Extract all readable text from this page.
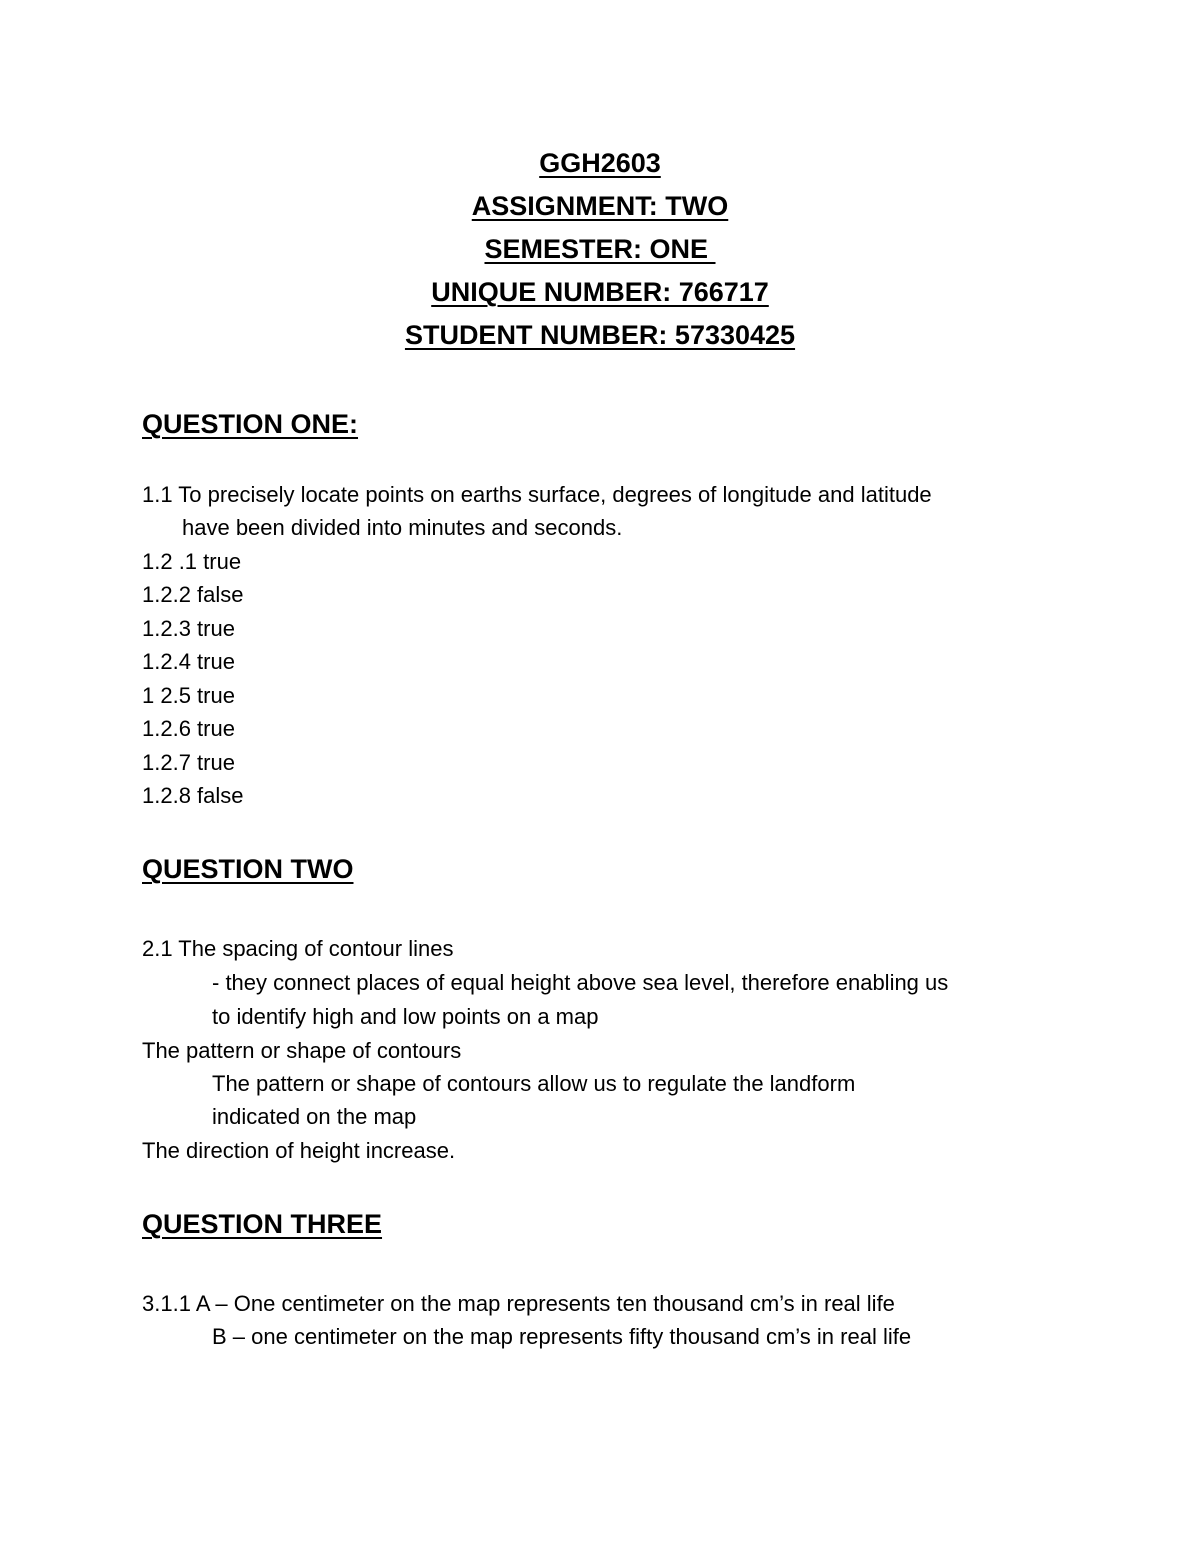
GGH2603
ASSIGNMENT: TWO
SEMESTER: ONE
UNIQUE NUMBER: 766717
STUDENT NUMBER: 57330425
QUESTION ONE:
1.1 To precisely locate points on earths surface, degrees of longitude and latitude
have been divided into minutes and seconds.
1.2 .1 true
1.2.2 false
1.2.3 true
1.2.4 true
1 2.5 true
1.2.6 true
1.2.7 true
1.2.8 false
QUESTION TWO
2.1 The spacing of contour lines
- they connect places of equal height above sea level, therefore enabling us
to identify high and low points on a map
The pattern or shape of contours
The pattern or shape of contours allow us to regulate the landform
indicated on the map
The direction of height increase.
QUESTION THREE
3.1.1 A – One centimeter on the map represents ten thousand cm’s in real life
B – one centimeter on the map represents fifty thousand cm’s in real life
